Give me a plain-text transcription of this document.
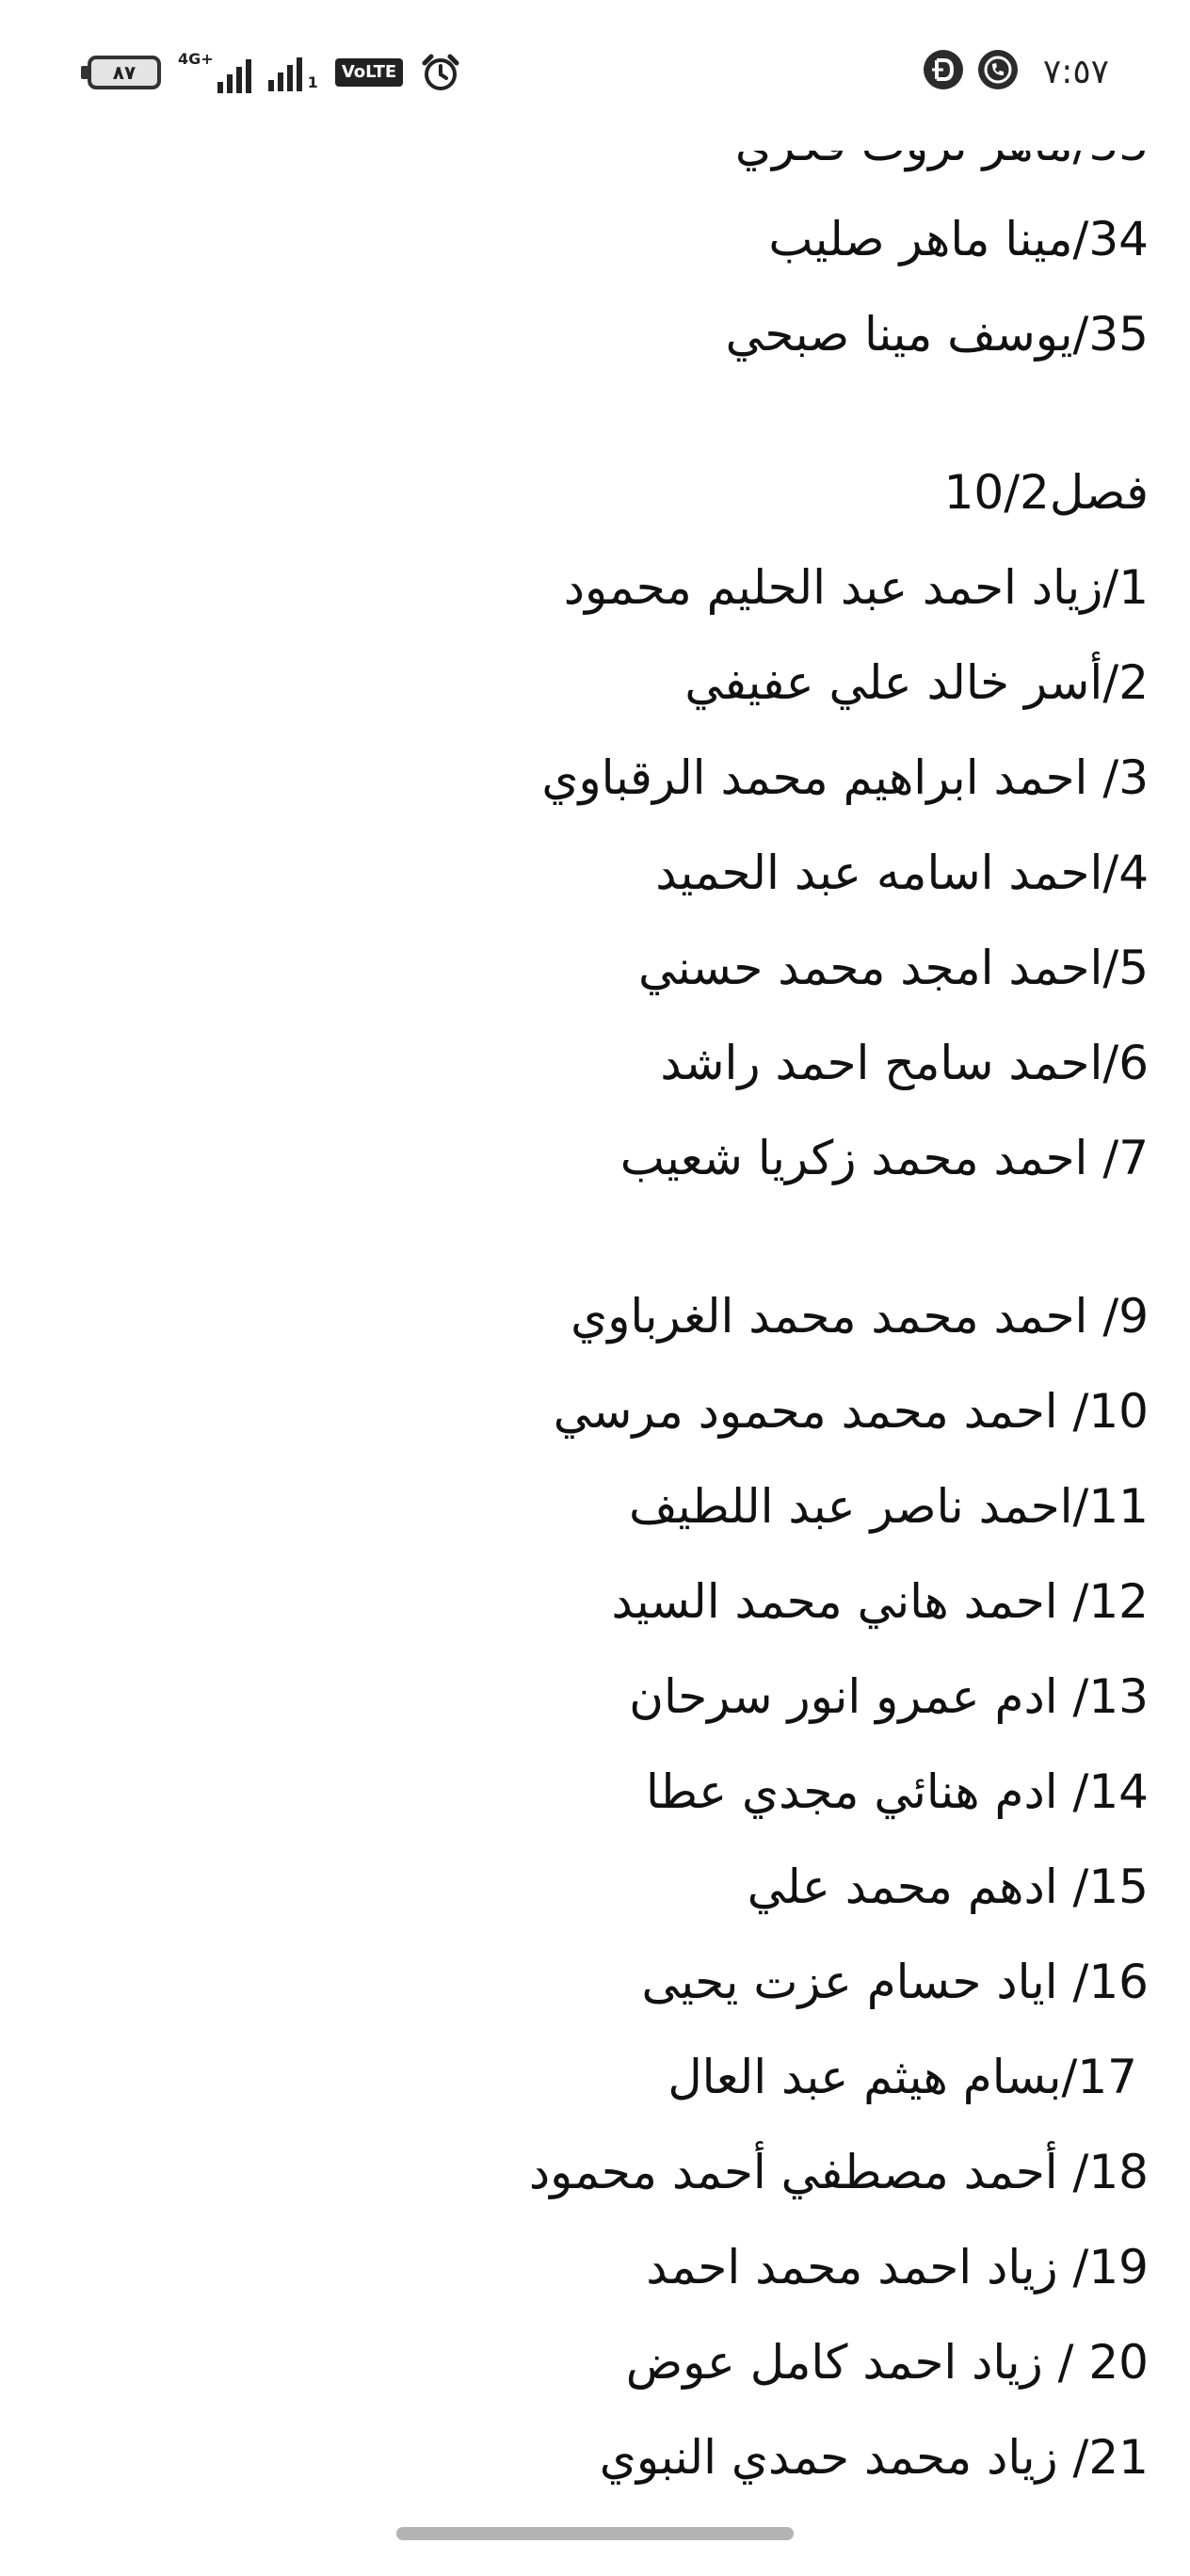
34/مينا ماهر صليب
35/يوسف مينا صبحي
فصل10/2
1/زياد احمد عبد الحليم محمود
2/أسر خالد علي عفيفي
3/ احمد ابراهيم محمد الرقباوي
4/احمد اسامه عبد الحميد
5/احمد امجد محمد حسني
6/احمد سامح احمد راشد
7/ احمد محمد زكريا شعيب
9/ احمد محمد محمد الغرباوي
10/ احمد محمد محمود مرسي
11/احمد ناصر عبد اللطيف
12/ احمد هاني محمد السيد
13/ ادم عمرو انور سرحان
14/ ادم هنائي مجدي عطا
15/ ادهم محمد علي
16/ اياد حسام عزت يحيى
17/بسام هيثم عبد العال
18/ أحمد مصطفي أحمد محمود
19/ زياد احمد محمد احمد
20 / زياد احمد كامل عوض
21/ زياد محمد حمدي النبوي
٨٧
4G+
1
VoLTE	٧:٥٧
